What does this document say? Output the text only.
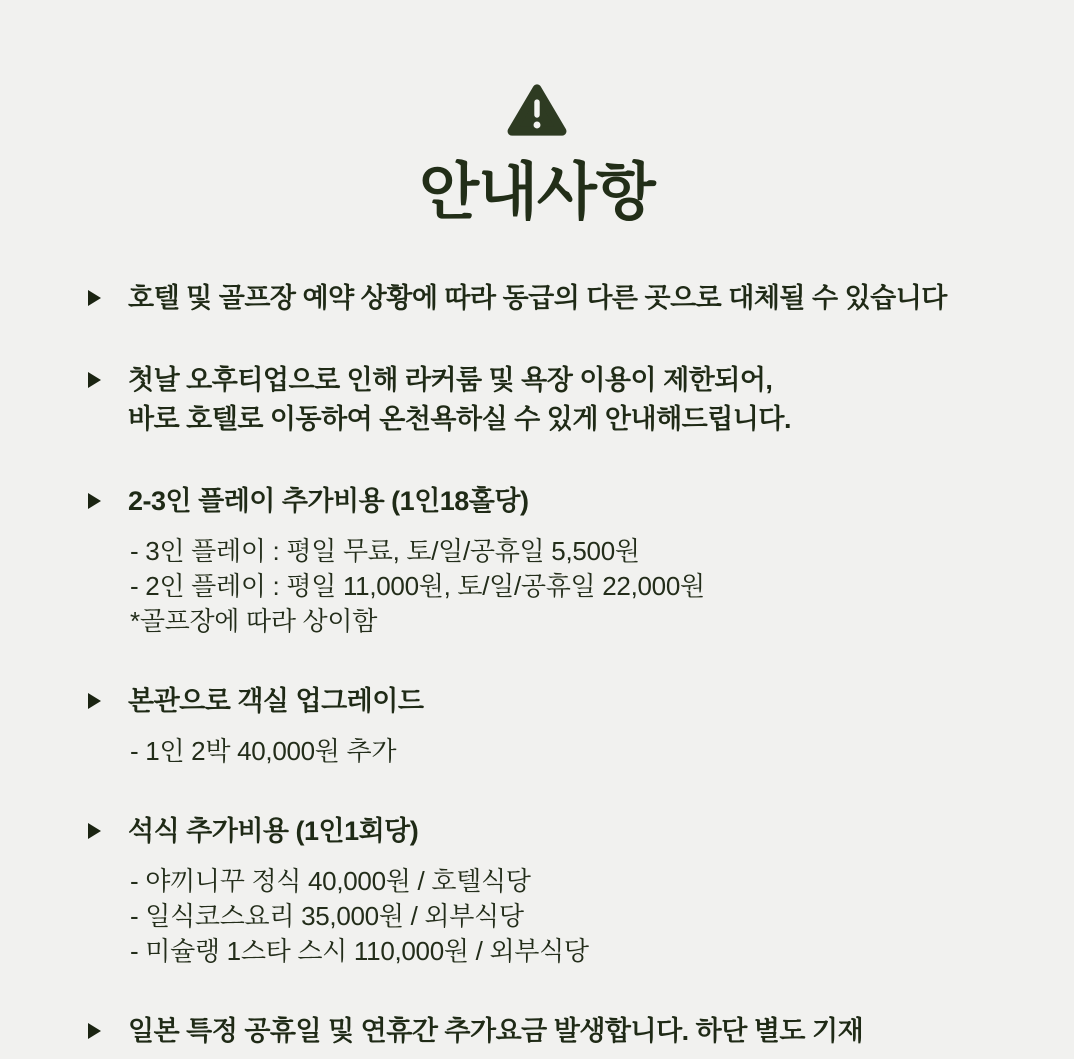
안내사항
호텔 및 골프장 예약 상황에 따라 동급의 다른 곳으로 대체될 수 있습니다
첫날 오후티업으로 인해 라커룸 및 욕장 이용이 제한되어,
바로 호텔로 이동하여 온천욕하실 수 있게 안내해드립니다.
2-3인 플레이 추가비용 (1인18홀당)
- 3인 플레이 : 평일 무료, 토/일/공휴일 5,500원
- 2인 플레이 : 평일 11,000원, 토/일/공휴일 22,000원
*골프장에 따라 상이함
본관으로 객실 업그레이드
- 1인 2박 40,000원 추가
석식 추가비용 (1인1회당)
- 야끼니꾸 정식 40,000원 / 호텔식당
- 일식코스요리 35,000원 / 외부식당
- 미슐랭 1스타 스시 110,000원 / 외부식당
일본 특정 공휴일 및 연휴간 추가요금 발생합니다. 하단 별도 기재
